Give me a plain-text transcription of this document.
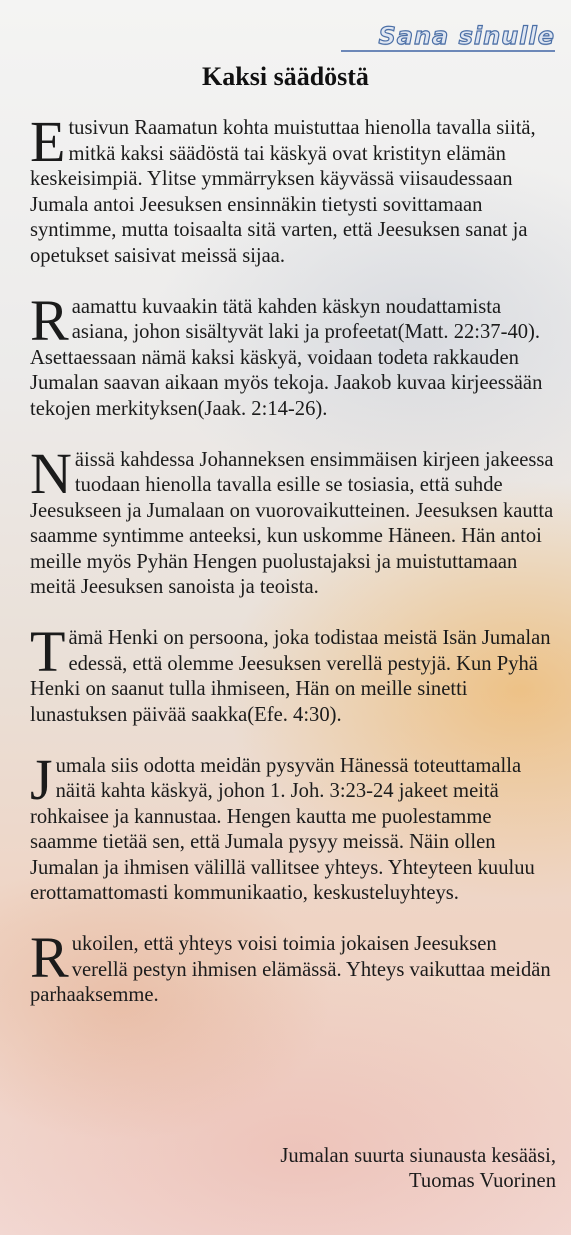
Sana sinulle
Kaksi säädöstä

Etusivun Raamatun kohta muistuttaa hienolla tavalla siitä, mitkä kaksi säädöstä tai käskyä ovat kristityn elämän keskeisimpiä. Ylitse ymmärryksen käyvässä viisaudessaan Jumala antoi Jeesuksen ensinnäkin tietysti sovittamaan syntimme, mutta toisaalta sitä varten, että Jeesuksen sanat ja opetukset saisivat meissä sijaa.

Raamattu kuvaakin tätä kahden käskyn noudattamista asiana, johon sisältyvät laki ja profeetat(Matt. 22:37-40). Asettaessaan nämä kaksi käskyä, voidaan todeta rakkauden Jumalan saavan aikaan myös tekoja. Jaakob kuvaa kirjeessään tekojen merkityksen(Jaak. 2:14-26).

Näissä kahdessa Johanneksen ensimmäisen kirjeen jakeessa tuodaan hienolla tavalla esille se tosiasia, että suhde Jeesukseen ja Jumalaan on vuorovaikutteinen. Jeesuksen kautta saamme syntimme anteeksi, kun uskomme Häneen. Hän antoi meille myös Pyhän Hengen puolustajaksi ja muistuttamaan meitä Jeesuksen sanoista ja teoista.

Tämä Henki on persoona, joka todistaa meistä Isän Jumalan edessä, että olemme Jeesuksen verellä pestyjä. Kun Pyhä Henki on saanut tulla ihmiseen, Hän on meille sinetti lunastuksen päivää saakka(Efe. 4:30).

Jumala siis odotta meidän pysyvän Hänessä toteuttamalla näitä kahta käskyä, johon 1. Joh. 3:23-24 jakeet meitä rohkaisee ja kannustaa. Hengen kautta me puolestamme saamme tietää sen, että Jumala pysyy meissä. Näin ollen Jumalan ja ihmisen välillä vallitsee yhteys. Yhteyteen kuuluu erottamattomasti kommunikaatio, keskusteluyhteys.

Rukoilen, että yhteys voisi toimia jokaisen Jeesuksen verellä pestyn ihmisen elämässä. Yhteys vaikuttaa meidän parhaaksemme.

Jumalan suurta siunausta kesääsi,
Tuomas Vuorinen
